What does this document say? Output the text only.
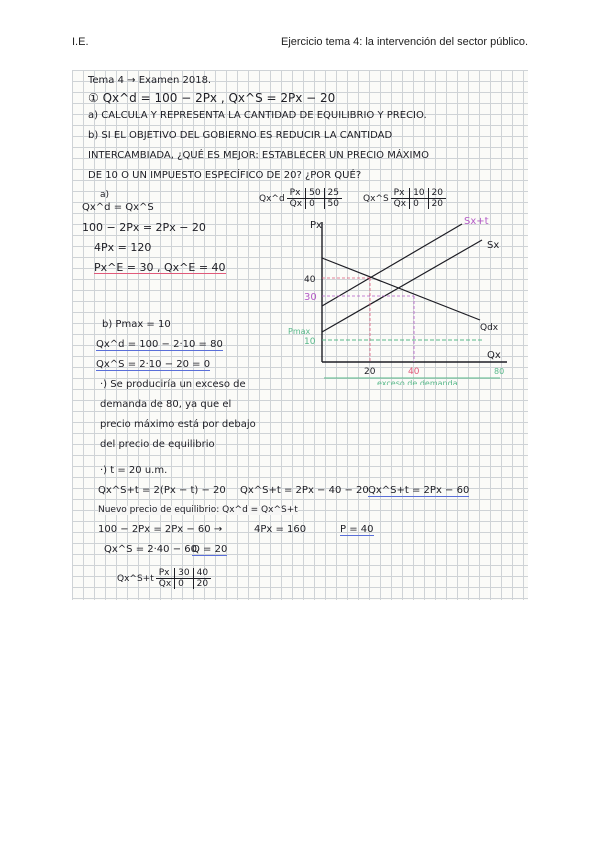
I.E.	Ejercicio tema 4: la intervención del sector público.
Tema 4 → Examen 2018.
① Qx^d = 100 − 2Px , Qx^S = 2Px − 20
a) CALCULA Y REPRESENTA LA CANTIDAD DE EQUILIBRIO Y PRECIO.
b) SI EL OBJETIVO DEL GOBIERNO ES REDUCIR LA CANTIDAD
INTERCAMBIADA, ¿QUÉ ES MEJOR: ESTABLECER UN PRECIO MÁXIMO
DE 10 O UN IMPUESTO ESPECÍFICO DE 20? ¿POR QUÉ?
a)
Qx^d = Qx^S
100 − 2Px = 2Px − 20
4Px = 120
Px^E = 30 , Qx^E = 40
Qx^d	Px	50	25
	Qx	0	50
Qx^S	Px	10	20
	Qx	0	20
Px
Qx
Sx+t
Sx
Qdx
40
30
10
Pmax
20	40	80
exceso de demanda
b) Pmax = 10
Qx^d = 100 − 2·10 = 80
Qx^S = 2·10 − 20 = 0
·) Se produciría un exceso de
demanda de 80, ya que el
precio máximo está por debajo
del precio de equilibrio
·) t = 20 u.m.
Qx^S+t = 2(Px − t) − 20 Qx^S+t = 2Px − 40 − 20 Qx^S+t = 2Px − 60
Nuevo precio de equilibrio: Qx^d = Qx^S+t
100 − 2Px = 2Px − 60 →	4Px = 160	P = 40
Qx^S = 2·40 − 60
Q = 20
Qx^S+t	Px	30	40
	Qx	0	20
